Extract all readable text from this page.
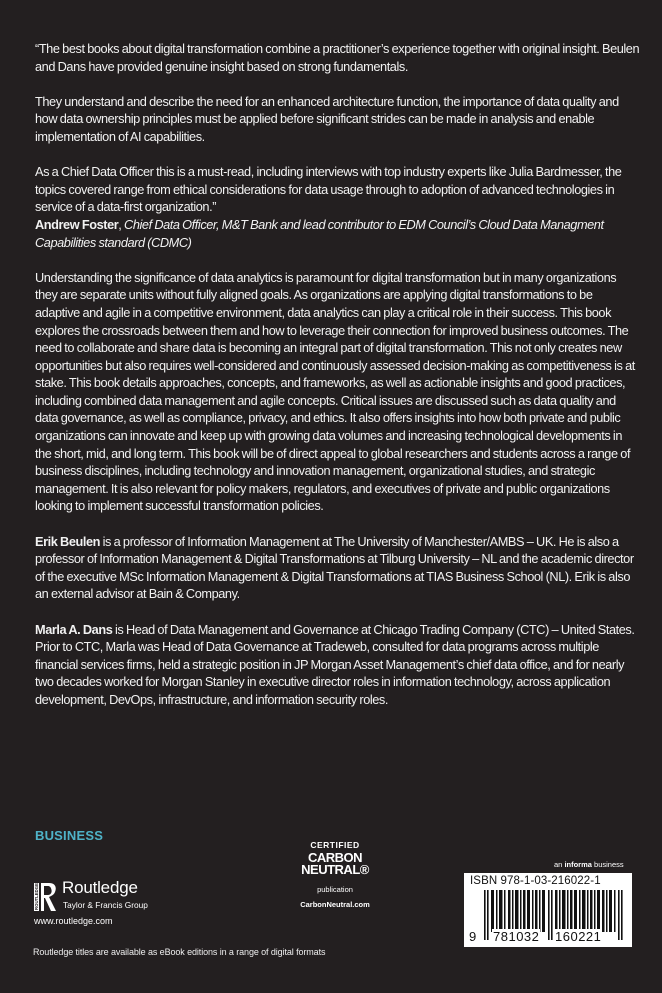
“The best books about digital transformation combine a practitioner’s experience together with original insight. Beulen and Dans have provided genuine insight based on strong fundamentals.

They understand and describe the need for an enhanced architecture function, the importance of data quality and how data ownership principles must be applied before significant strides can be made in analysis and enable implementation of AI capabilities.

As a Chief Data Officer this is a must-read, including interviews with top industry experts like Julia Bardmesser, the topics covered range from ethical considerations for data usage through to adoption of advanced technologies in service of a data-first organization.”

Andrew Foster, Chief Data Officer, M&T Bank and lead contributor to EDM Council’s Cloud Data Managment Capabilities standard (CDMC)

Understanding the significance of data analytics is paramount for digital transformation but in many organizations they are separate units without fully aligned goals. As organizations are applying digital transformations to be adaptive and agile in a competitive environment, data analytics can play a critical role in their success. This book explores the crossroads between them and how to leverage their connection for improved business outcomes. The need to collaborate and share data is becoming an integral part of digital transformation. This not only creates new opportunities but also requires well-considered and continuously assessed decision-making as competitiveness is at stake. This book details approaches, concepts, and frameworks, as well as actionable insights and good practices, including combined data management and agile concepts. Critical issues are discussed such as data quality and data governance, as well as compliance, privacy, and ethics. It also offers insights into how both private and public organizations can innovate and keep up with growing data volumes and increasing technological developments in the short, mid, and long term. This book will be of direct appeal to global researchers and students across a range of business disciplines, including technology and innovation management, organizational studies, and strategic management. It is also relevant for policy makers, regulators, and executives of private and public organizations looking to implement successful transformation policies.

Erik Beulen is a professor of Information Management at The University of Manchester/AMBS – UK. He is also a professor of Information Management & Digital Transformations at Tilburg University – NL and the academic director of the executive MSc Information Management & Digital Transformations at TIAS Business School (NL). Erik is also an external advisor at Bain & Company.

Marla A. Dans is Head of Data Management and Governance at Chicago Trading Company (CTC) – United States. Prior to CTC, Marla was Head of Data Governance at Tradeweb, consulted for data programs across multiple financial services firms, held a strategic position in JP Morgan Asset Management’s chief data office, and for nearly two decades worked for Morgan Stanley in executive director roles in information technology, across application development, DevOps, infrastructure, and information security roles.

BUSINESS
ROUTLEDGE Routledge
Taylor & Francis Group
www.routledge.com
CERTIFIED
CARBON
NEUTRAL®
publication
CarbonNeutral.com
an informa business
ISBN 978-1-03-216022-1
9 781032 160221
Routledge titles are available as eBook editions in a range of digital formats
